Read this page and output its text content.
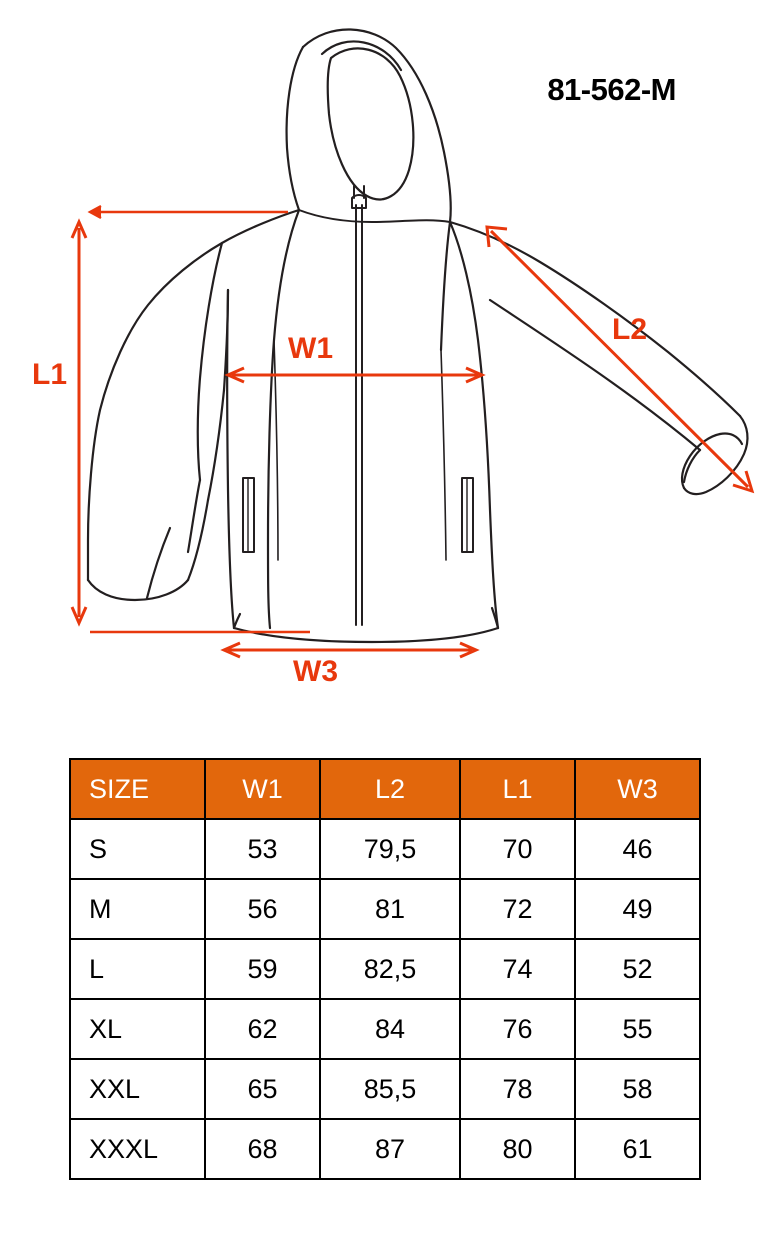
81-562-M
L1
L2
W1
W3
SIZE	W1	L2	L1	W3
S	53	79,5	70	46
M	56	81	72	49
L	59	82,5	74	52
XL	62	84	76	55
XXL	65	85,5	78	58
XXXL	68	87	80	61
